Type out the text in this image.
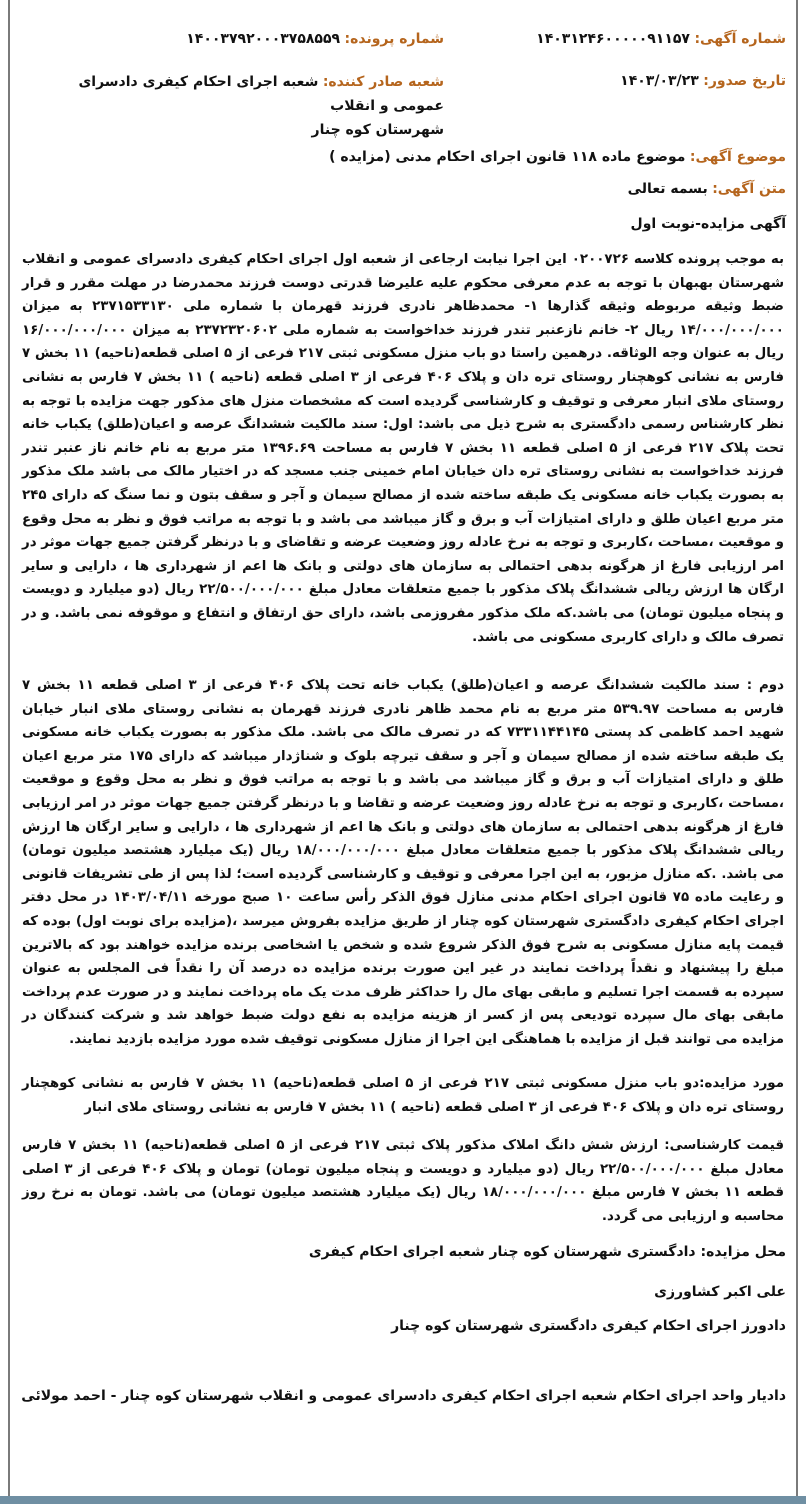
شماره آگهی: ۱۴۰۳۱۲۴۶۰۰۰۰۰۹۱۱۵۷
شماره پرونده: ۱۴۰۰۳۷۹۲۰۰۰۳۷۵۸۵۵۹
تاریخ صدور: ۱۴۰۳/۰۳/۲۳
شعبه صادر کننده: شعبه اجرای احکام کیفری دادسرای عمومی و انقلاب
شهرستان کوه چنار
موضوع آگهی: موضوع ماده ۱۱۸ قانون اجرای احکام مدنی (مزایده )
متن آگهی: بسمه تعالی
آگهی مزایده-نوبت اول

به موجب پرونده کلاسه ۰۲۰۰۷۲۶ این اجرا نیابت ارجاعی از شعبه اول اجرای احکام کیفری دادسرای عمومی و انقلاب شهرستان بهبهان با توجه به عدم معرفی محکوم علیه علیرضا قدرتی دوست فرزند محمدرضا در مهلت مقرر و قرار ضبط وثیقه مربوطه وثیقه گذارها ۱- محمدظاهر نادری فرزند قهرمان با شماره ملی ۲۳۷۱۵۳۳۱۳۰ به میزان ۱۴/۰۰۰/۰۰۰/۰۰۰ ریال ۲- خانم نازعنبر تندر فرزند خداخواست به شماره ملی ۲۳۷۲۳۲۰۶۰۲ به میزان ۱۶/۰۰۰/۰۰۰/۰۰۰ ریال به عنوان وجه الوثاقه. درهمین راستا دو باب منزل مسکونی ثبتی ۲۱۷ فرعی از ۵ اصلی قطعه(ناحیه) ۱۱ بخش ۷ فارس به نشانی کوهچنار روستای تره دان و پلاک ۴۰۶ فرعی از ۳ اصلی قطعه (ناحیه ) ۱۱ بخش ۷ فارس به نشانی روستای ملای انبار معرفی و توقیف و کارشناسی گردیده است که مشخصات منزل های مذکور جهت مزایده با توجه به نظر کارشناس رسمی دادگستری به شرح ذیل می باشد: اول: سند مالکیت ششدانگ عرصه و اعیان(طلق) یکباب خانه تحت پلاک ۲۱۷ فرعی از ۵ اصلی قطعه ۱۱ بخش ۷ فارس به مساحت ۱۳۹۶.۶۹ متر مربع به نام خانم ناز عنبر تندر فرزند خداخواست به نشانی روستای تره دان خیابان امام خمینی جنب مسجد که در اختیار مالک می باشد ملک مذکور به بصورت یکباب خانه مسکونی یک طبقه ساخته شده از مصالح سیمان و آجر و سقف بتون و نما سنگ که دارای ۲۴۵ متر مربع اعیان طلق و دارای امتیازات آب و برق و گاز میباشد می باشد و با توجه به مراتب فوق و نظر به محل وقوع و موقعیت ،مساحت ،کاربری و توجه به نرخ عادله روز وضعیت عرضه و تقاضای و با درنظر گرفتن جمیع جهات موثر در امر ارزیابی فارغ از هرگونه بدهی احتمالی به سازمان های دولتی و بانک ها اعم از شهرداری ها ، دارایی و سایر ارگان ها ارزش ریالی ششدانگ پلاک مذکور با جمیع متعلقات معادل مبلغ ۲۲/۵۰۰/۰۰۰/۰۰۰ ریال (دو میلیارد و دویست و پنجاه میلیون تومان) می باشد.که ملک مذکور مفروزمی باشد، دارای حق ارتفاق و انتفاع و موقوفه نمی باشد. و در تصرف مالک و دارای کاربری مسکونی می باشد.

دوم : سند مالکیت ششدانگ عرصه و اعیان(طلق) یکباب خانه تحت پلاک ۴۰۶ فرعی از ۳ اصلی قطعه ۱۱ بخش ۷ فارس به مساحت ۵۳۹.۹۷ متر مربع به نام محمد ظاهر نادری فرزند قهرمان به نشانی روستای ملای انبار خیابان شهید احمد کاظمی کد پستی ۷۳۳۱۱۴۴۱۴۵ که در تصرف مالک می باشد. ملک مذکور به بصورت یکباب خانه مسکونی یک طبقه ساخته شده از مصالح سیمان و آجر و سقف تیرچه بلوک و شناژدار میباشد که دارای ۱۷۵ متر مربع اعیان طلق و دارای امتیازات آب و برق و گاز میباشد می باشد و با توجه به مراتب فوق و نظر به محل وقوع و موقعیت ،مساحت ،کاربری و توجه به نرخ عادله روز وضعیت عرضه و تقاضا و با درنظر گرفتن جمیع جهات موثر در امر ارزیابی فارغ از هرگونه بدهی احتمالی به سازمان های دولتی و بانک ها اعم از شهرداری ها ، دارایی و سایر ارگان ها ارزش ریالی ششدانگ پلاک مذکور با جمیع متعلقات معادل مبلغ ۱۸/۰۰۰/۰۰۰/۰۰۰ ریال (یک میلیارد هشتصد میلیون تومان) می باشد. .که منازل مزبور، به این اجرا معرفی و توقیف و کارشناسی گردیده است؛ لذا پس از طی تشریفات قانونی و رعایت ماده ۷۵ قانون اجرای احکام مدنی منازل فوق الذکر رأس ساعت ۱۰ صبح مورخه ۱۴۰۳/۰۴/۱۱ در محل دفتر اجرای احکام کیفری دادگستری شهرستان کوه چنار از طریق مزایده بفروش میرسد ،(مزایده برای نوبت اول) بوده که قیمت پایه منازل مسکونی به شرح فوق الذکر شروع شده و شخص یا اشخاصی برنده مزایده خواهند بود که بالاترین مبلغ را پیشنهاد و نقداً پرداخت نمایند در غیر این صورت برنده مزایده ده درصد آن را نقداً فی المجلس به عنوان سپرده به قسمت اجرا تسلیم و مابقی بهای مال را حداکثر ظرف مدت یک ماه پرداخت نمایند و در صورت عدم پرداخت مابقی بهای مال سپرده تودیعی پس از کسر از هزینه مزایده به نفع دولت ضبط خواهد شد و شرکت کنندگان در مزایده می توانند قبل از مزایده با هماهنگی این اجرا از منازل مسکونی توقیف شده مورد مزایده بازدید نمایند.

مورد مزایده:دو باب منزل مسکونی ثبتی ۲۱۷ فرعی از ۵ اصلی قطعه(ناحیه) ۱۱ بخش ۷ فارس به نشانی کوهچنار روستای تره دان و پلاک ۴۰۶ فرعی از ۳ اصلی قطعه (ناحیه ) ۱۱ بخش ۷ فارس به نشانی روستای ملای انبار

قیمت کارشناسی: ارزش شش دانگ املاک مذکور پلاک ثبتی ۲۱۷ فرعی از ۵ اصلی قطعه(ناحیه) ۱۱ بخش ۷ فارس معادل مبلغ ۲۲/۵۰۰/۰۰۰/۰۰۰ ریال (دو میلیارد و دویست و پنجاه میلیون تومان) تومان و پلاک ۴۰۶ فرعی از ۳ اصلی قطعه ۱۱ بخش ۷ فارس مبلغ ۱۸/۰۰۰/۰۰۰/۰۰۰ ریال (یک میلیارد هشتصد میلیون تومان) می باشد. تومان به نرخ روز محاسبه و ارزیابی می گردد.

محل مزایده: دادگستری شهرستان کوه چنار شعبه اجرای احکام کیفری
علی اکبر کشاورزی
دادورز اجرای احکام کیفری دادگستری شهرستان کوه چنار
دادیار واحد اجرای احکام شعبه اجرای احکام کیفری دادسرای عمومی و انقلاب شهرستان کوه چنار - احمد مولائی
